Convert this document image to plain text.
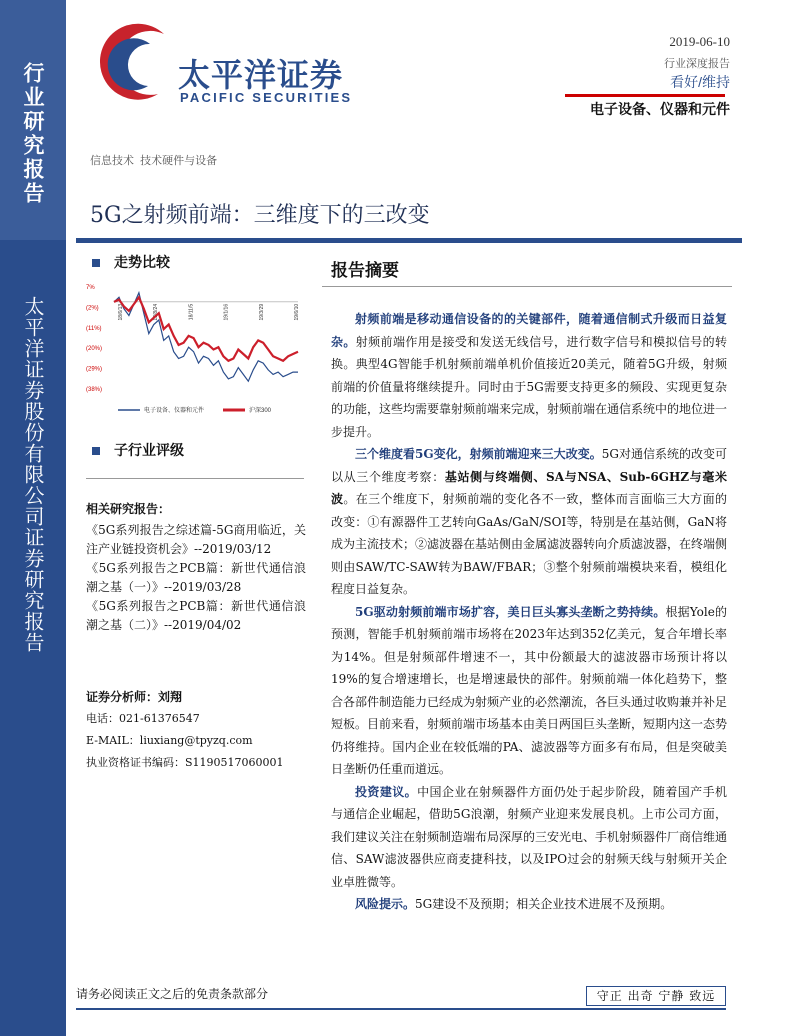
行业研究报告
太平洋证券股份有限公司证券研究报告
太平洋证券
PACIFIC SECURITIES
2019-06-10
行业深度报告
看好/维持
电子设备、仪器和元件
信息技术  技术硬件与设备
5G之射频前端：三维度下的三改变
走势比较
7%
(2%)
(11%)
(20%)
(29%)
(38%)
18/6/13	18/8/24	18/11/5	19/1/16	19/3/29	19/6/10
电子设备、仪器和元件	沪深300
子行业评级
相关研究报告：
《5G系列报告之综述篇-5G商用临近，关注产业链投资机会》--2019/03/12
《5G系列报告之PCB篇：新世代通信浪潮之基（一）》--2019/03/28
《5G系列报告之PCB篇：新世代通信浪潮之基（二）》--2019/04/02
证券分析师：刘翔
电话：021-61376547
E-MAIL：liuxiang@tpyzq.com
执业资格证书编码：S1190517060001
报告摘要

射频前端是移动通信设备的的关键部件，随着通信制式升级而日益复杂。射频前端作用是接受和发送无线信号，进行数字信号和模拟信号的转换。典型4G智能手机射频前端单机价值接近20美元，随着5G升级，射频前端的价值量将继续提升。同时由于5G需要支持更多的频段、实现更复杂的功能，这些均需要靠射频前端来完成，射频前端在通信系统中的地位进一步提升。

三个维度看5G变化，射频前端迎来三大改变。5G对通信系统的改变可以从三个维度考察：基站侧与终端侧、SA与NSA、Sub-6GHZ与毫米波。在三个维度下，射频前端的变化各不一致，整体而言面临三大方面的改变：①有源器件工艺转向GaAs/GaN/SOI等，特别是在基站侧，GaN将成为主流技术；②滤波器在基站侧由金属滤波器转向介质滤波器，在终端侧则由SAW/TC-SAW转为BAW/FBAR；③整个射频前端模块来看，模组化程度日益复杂。

5G驱动射频前端市场扩容，美日巨头寡头垄断之势持续。根据Yole的预测，智能手机射频前端市场将在2023年达到352亿美元，复合年增长率为14%。但是射频部件增速不一，其中份额最大的滤波器市场预计将以19%的复合增速增长，也是增速最快的部件。射频前端一体化趋势下，整合各部件制造能力已经成为射频产业的必然潮流，各巨头通过收购兼并补足短板。目前来看，射频前端市场基本由美日两国巨头垄断，短期内这一态势仍将维持。国内企业在较低端的PA、滤波器等方面多有布局，但是突破美日垄断仍任重而道远。

投资建议。中国企业在射频器件方面仍处于起步阶段，随着国产手机与通信企业崛起，借助5G浪潮，射频产业迎来发展良机。上市公司方面，我们建议关注在射频制造端布局深厚的三安光电、手机射频器件厂商信维通信、SAW滤波器供应商麦捷科技，以及IPO过会的射频天线与射频开关企业卓胜微等。

风险提示。5G建设不及预期；相关企业技术进展不及预期。

请务必阅读正文之后的免责条款部分	守正 出奇 宁静 致远
